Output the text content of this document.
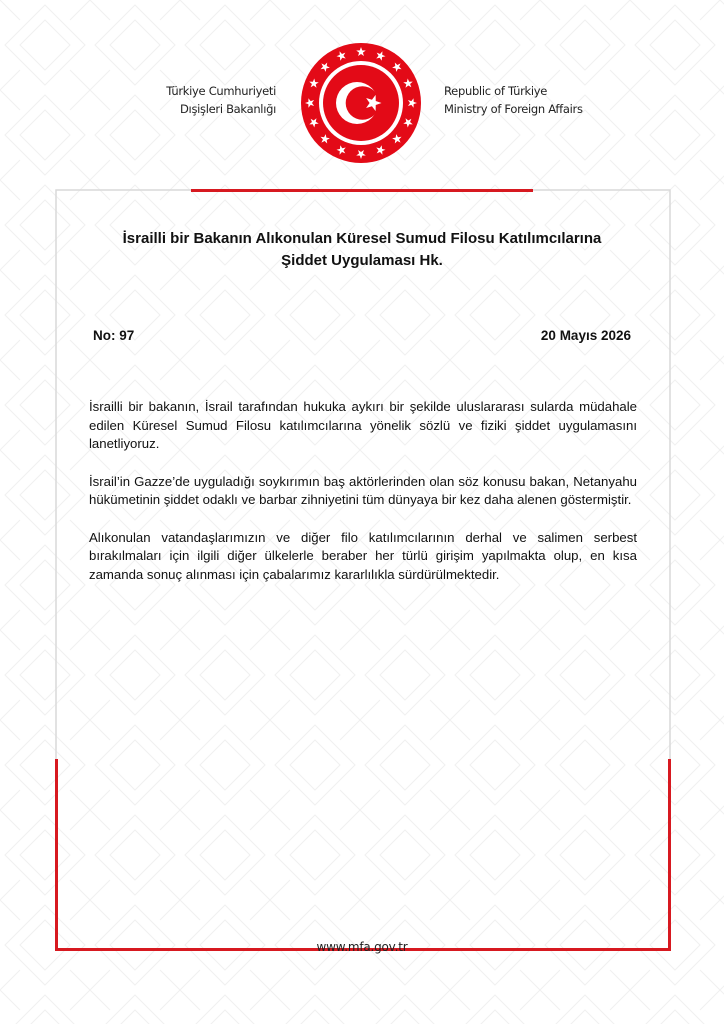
Türkiye Cumhuriyeti
Dışişleri Bakanlığı
Republic of Türkiye
Ministry of Foreign Affairs
İsrailli bir Bakanın Alıkonulan Küresel Sumud Filosu Katılımcılarına
Şiddet Uygulaması Hk.
No: 97	20 Mayıs 2026

İsrailli bir bakanın, İsrail tarafından hukuka aykırı bir şekilde uluslararası sularda müdahale edilen Küresel Sumud Filosu katılımcılarına yönelik sözlü ve fiziki şiddet uygulamasını lanetliyoruz.

İsrail’in Gazze’de uyguladığı soykırımın baş aktörlerinden olan söz konusu bakan, Netanyahu hükümetinin şiddet odaklı ve barbar zihniyetini tüm dünyaya bir kez daha alenen göstermiştir.

Alıkonulan vatandaşlarımızın ve diğer filo katılımcılarının derhal ve salimen serbest bırakılmaları için ilgili diğer ülkelerle beraber her türlü girişim yapılmakta olup, en kısa zamanda sonuç alınması için çabalarımız kararlılıkla sürdürülmektedir.

www.mfa.gov.tr
